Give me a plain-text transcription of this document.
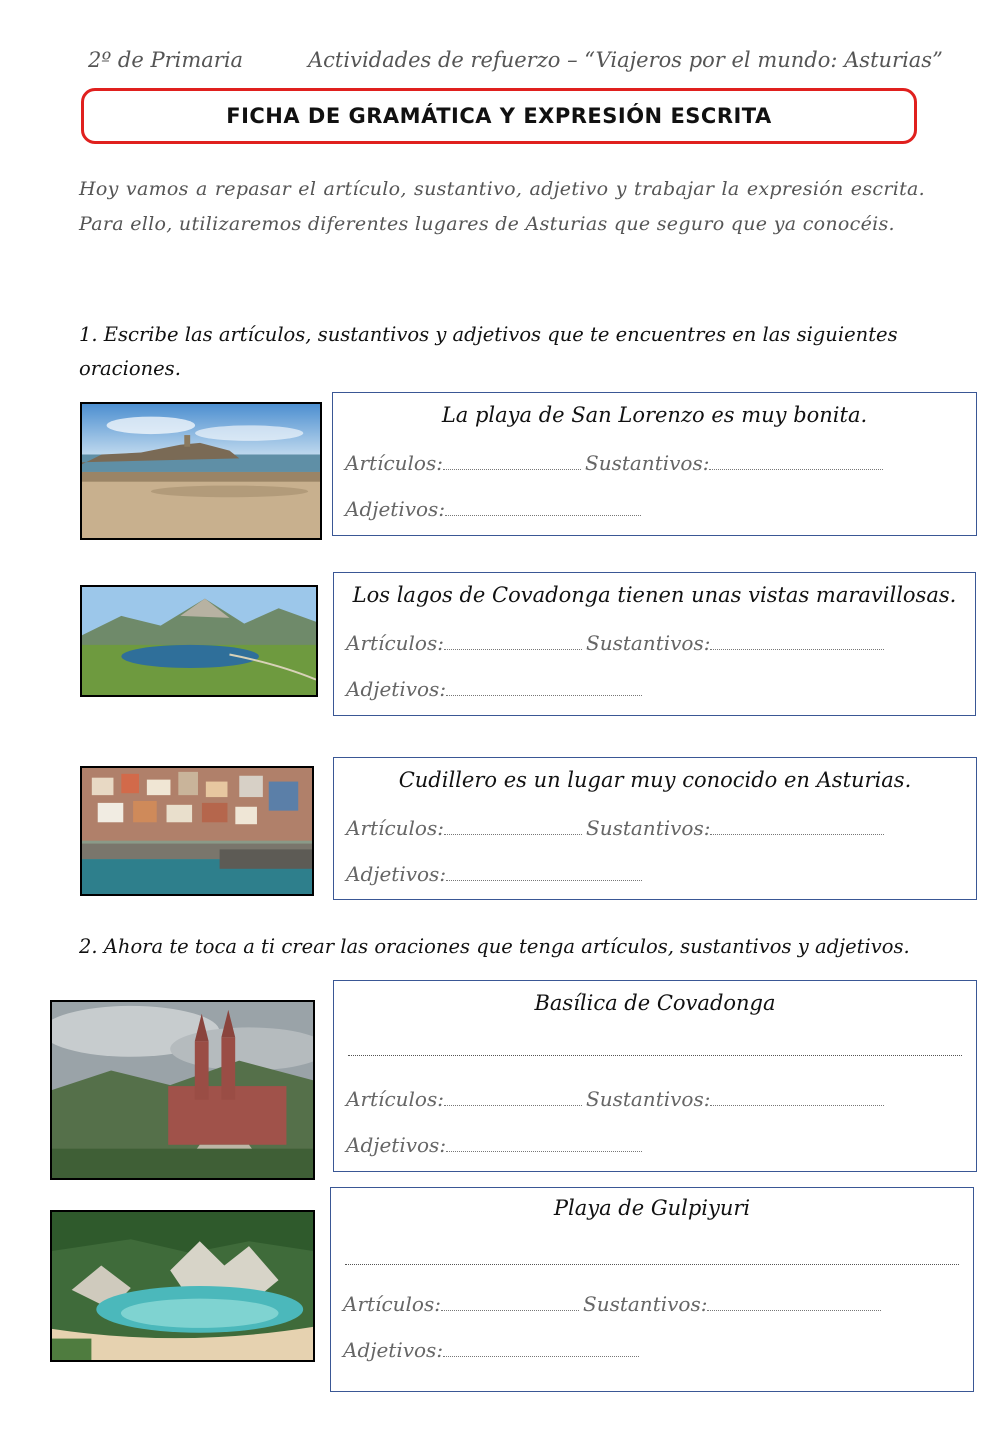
2º de Primaria	Actividades de refuerzo – “Viajeros por el mundo: Asturias”
FICHA DE GRAMÁTICA Y EXPRESIÓN ESCRITA
Hoy vamos a repasar el artículo, sustantivo, adjetivo y trabajar la expresión escrita. Para ello, utilizaremos diferentes lugares de Asturias que seguro que ya conocéis.
1. Escribe las artículos, sustantivos y adjetivos que te encuentres en las siguientes oraciones.
La playa de San Lorenzo es muy bonita.
Artículos:	Sustantivos:
Adjetivos:
Los lagos de Covadonga tienen unas vistas maravillosas.
Artículos:	Sustantivos:
Adjetivos:
Cudillero es un lugar muy conocido en Asturias.
Artículos:	Sustantivos:
Adjetivos:
2. Ahora te toca a ti crear las oraciones que tenga artículos, sustantivos y adjetivos.
Basílica de Covadonga
Artículos:	Sustantivos:
Adjetivos:
Playa de Gulpiyuri
Artículos:	Sustantivos:
Adjetivos:
